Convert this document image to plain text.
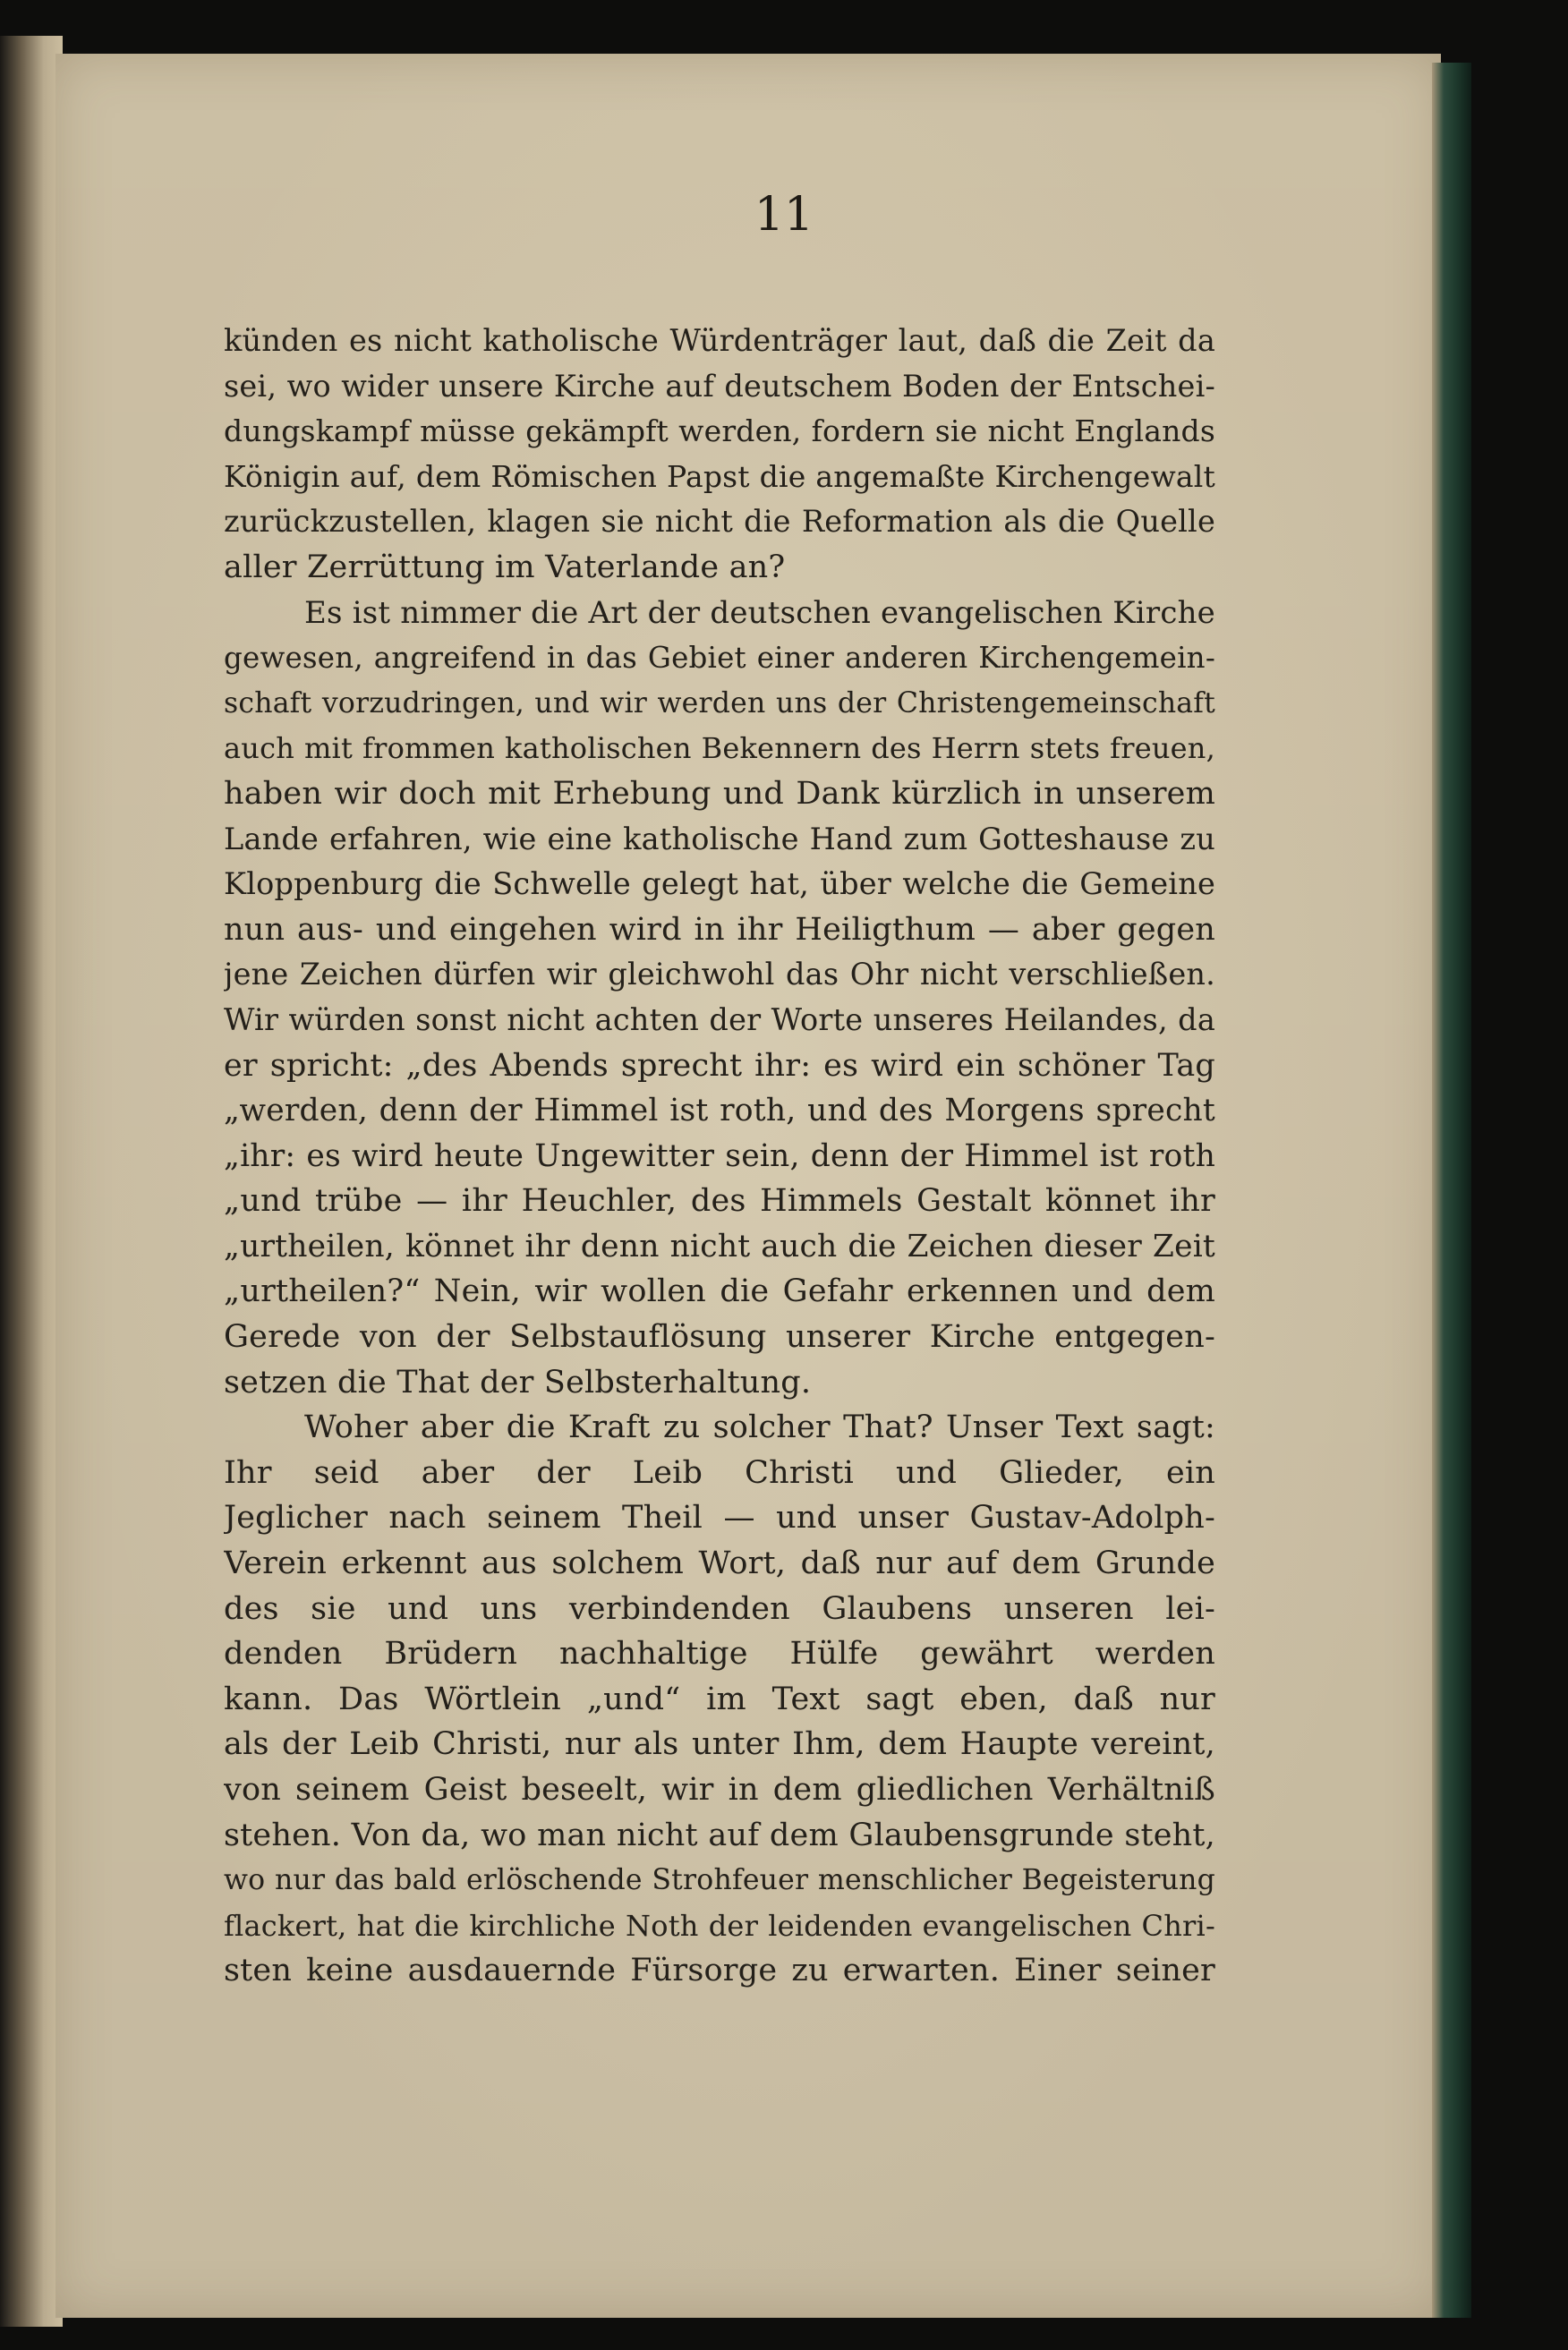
11
künden es nicht katholische Würdenträger laut, daß die Zeit da
sei, wo wider unsere Kirche auf deutschem Boden der Entschei-
dungskampf müsse gekämpft werden, fordern sie nicht Englands
Königin auf, dem Römischen Papst die angemaßte Kirchengewalt
zurückzustellen, klagen sie nicht die Reformation als die Quelle
aller Zerrüttung im Vaterlande an?
Es ist nimmer die Art der deutschen evangelischen Kirche
gewesen, angreifend in das Gebiet einer anderen Kirchengemein-
schaft vorzudringen, und wir werden uns der Christengemeinschaft
auch mit frommen katholischen Bekennern des Herrn stets freuen,
haben wir doch mit Erhebung und Dank kürzlich in unserem
Lande erfahren, wie eine katholische Hand zum Gotteshause zu
Kloppenburg die Schwelle gelegt hat, über welche die Gemeine
nun aus- und eingehen wird in ihr Heiligthum — aber gegen
jene Zeichen dürfen wir gleichwohl das Ohr nicht verschließen.
Wir würden sonst nicht achten der Worte unseres Heilandes, da
er spricht: „des Abends sprecht ihr: es wird ein schöner Tag
„werden, denn der Himmel ist roth, und des Morgens sprecht
„ihr: es wird heute Ungewitter sein, denn der Himmel ist roth
„und trübe — ihr Heuchler, des Himmels Gestalt könnet ihr
„urtheilen, könnet ihr denn nicht auch die Zeichen dieser Zeit
„urtheilen?“ Nein, wir wollen die Gefahr erkennen und dem
Gerede von der Selbstauflösung unserer Kirche entgegen-
setzen die That der Selbsterhaltung.
Woher aber die Kraft zu solcher That? Unser Text sagt:
Ihr seid aber der Leib Christi und Glieder, ein
Jeglicher nach seinem Theil — und unser Gustav-Adolph-
Verein erkennt aus solchem Wort, daß nur auf dem Grunde
des sie und uns verbindenden Glaubens unseren lei-
denden Brüdern nachhaltige Hülfe gewährt werden
kann. Das Wörtlein „und“ im Text sagt eben, daß nur
als der Leib Christi, nur als unter Ihm, dem Haupte vereint,
von seinem Geist beseelt, wir in dem gliedlichen Verhältniß
stehen. Von da, wo man nicht auf dem Glaubensgrunde steht,
wo nur das bald erlöschende Strohfeuer menschlicher Begeisterung
flackert, hat die kirchliche Noth der leidenden evangelischen Chri-
sten keine ausdauernde Fürsorge zu erwarten. Einer seiner
